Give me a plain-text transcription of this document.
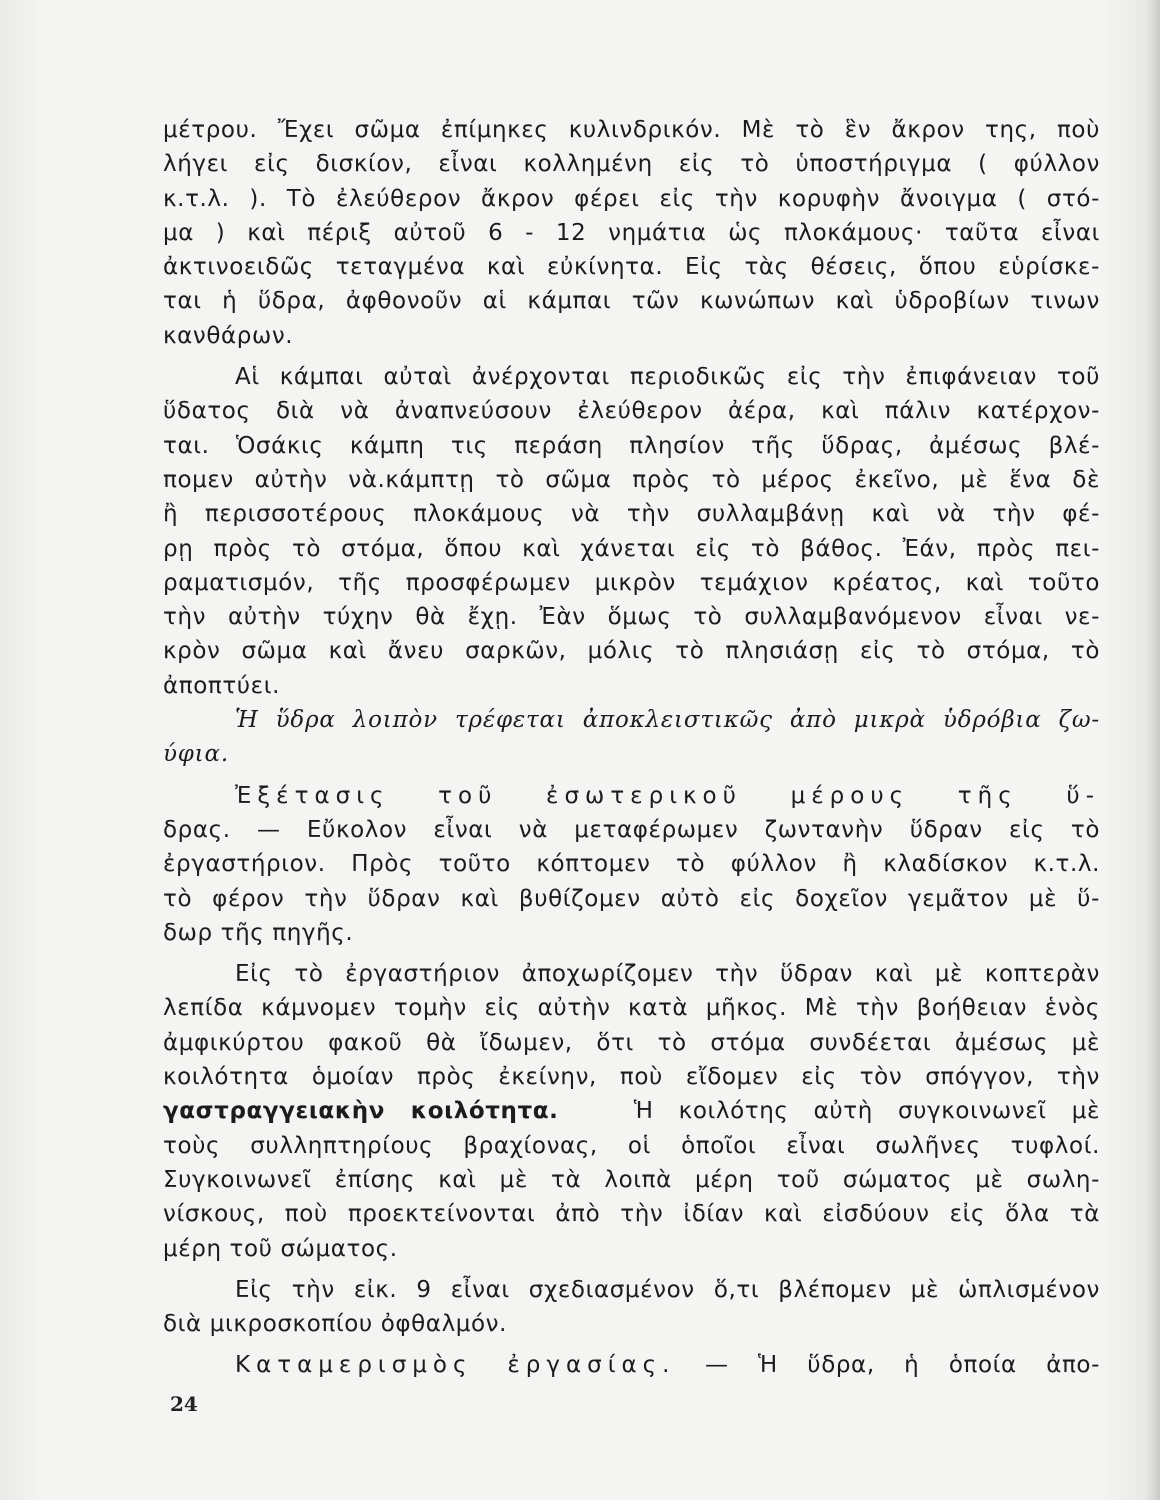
μέτρου. Ἔχει σῶμα ἐπίμηκες κυλινδρικόν. Μὲ τὸ ἓν ἄκρον της, ποὺ
λήγει εἰς δισκίον, εἶναι κολλημένη εἰς τὸ ὑποστήριγμα ( φύλλον
κ.τ.λ. ). Τὸ ἐλεύθερον ἄκρον φέρει εἰς τὴν κορυφὴν ἄνοιγμα ( στό-
μα ) καὶ πέριξ αὐτοῦ 6 - 12 νημάτια ὡς πλοκάμους· ταῦτα εἶναι
ἀκτινοειδῶς τεταγμένα καὶ εὐκίνητα. Εἰς τὰς θέσεις, ὅπου εὑρίσκε-
ται ἡ ὕδρα, ἀφθονοῦν αἱ κάμπαι τῶν κωνώπων καὶ ὑδροβίων τινων
κανθάρων.
Αἱ κάμπαι αὐταὶ ἀνέρχονται περιοδικῶς εἰς τὴν ἐπιφάνειαν τοῦ
ὕδατος διὰ νὰ ἀναπνεύσουν ἐλεύθερον ἀέρα, καὶ πάλιν κατέρχον-
ται. Ὁσάκις κάμπη τις περάση πλησίον τῆς ὕδρας, ἀμέσως βλέ-
πομεν αὐτὴν νὰ.κάμπτῃ τὸ σῶμα πρὸς τὸ μέρος ἐκεῖνο, μὲ ἕνα δὲ
ἢ περισσοτέρους πλοκάμους νὰ τὴν συλλαμβάνῃ καὶ νὰ τὴν φέ-
ρῃ πρὸς τὸ στόμα, ὅπου καὶ χάνεται εἰς τὸ βάθος. Ἐάν, πρὸς πει-
ραματισμόν, τῆς προσφέρωμεν μικρὸν τεμάχιον κρέατος, καὶ τοῦτο
τὴν αὐτὴν τύχην θὰ ἔχῃ. Ἐὰν ὅμως τὸ συλλαμβανόμενον εἶναι νε-
κρὸν σῶμα καὶ ἄνευ σαρκῶν, μόλις τὸ πλησιάσῃ εἰς τὸ στόμα, τὸ
ἀποπτύει.
Ἡ ὕδρα λοιπὸν τρέφεται ἀποκλειστικῶς ἀπὸ μικρὰ ὑδρόβια ζω-
ύφια.
Ἐξέτασις τοῦ ἐσωτερικοῦ μέρους τῆς ὕ-
δρας. — Εὔκολον εἶναι νὰ μεταφέρωμεν ζωντανὴν ὕδραν εἰς τὸ
ἐργαστήριον. Πρὸς τοῦτο κόπτομεν τὸ φύλλον ἢ κλαδίσκον κ.τ.λ.
τὸ φέρον τὴν ὕδραν καὶ βυθίζομεν αὐτὸ εἰς δοχεῖον γεμᾶτον μὲ ὕ-
δωρ τῆς πηγῆς.
Εἰς τὸ ἐργαστήριον ἀποχωρίζομεν τὴν ὕδραν καὶ μὲ κοπτερὰν
λεπίδα κάμνομεν τομὴν εἰς αὐτὴν κατὰ μῆκος. Μὲ τὴν βοήθειαν ἑνὸς
ἀμφικύρτου φακοῦ θὰ ἴδωμεν, ὅτι τὸ στόμα συνδέεται ἀμέσως μὲ
κοιλότητα ὁμοίαν πρὸς ἐκείνην, ποὺ εἴδομεν εἰς τὸν σπόγγον, τὴν
γαστραγγειακὴν κοιλότητα.	Ἡ κοιλότης αὐτὴ συγκοινωνεῖ μὲ
τοὺς συλληπτηρίους βραχίονας, οἱ ὁποῖοι εἶναι σωλῆνες τυφλοί.
Συγκοινωνεῖ ἐπίσης καὶ μὲ τὰ λοιπὰ μέρη τοῦ σώματος μὲ σωλη-
νίσκους, ποὺ προεκτείνονται ἀπὸ τὴν ἰδίαν καὶ εἰσδύουν εἰς ὅλα τὰ
μέρη τοῦ σώματος.
Εἰς τὴν εἰκ. 9 εἶναι σχεδιασμένον ὅ,τι βλέπομεν μὲ ὡπλισμένον
διὰ μικροσκοπίου ὀφθαλμόν.
Καταμερισμὸς ἐργασίας. — Ἡ ὕδρα, ἡ ὁποία ἀπο-
24
